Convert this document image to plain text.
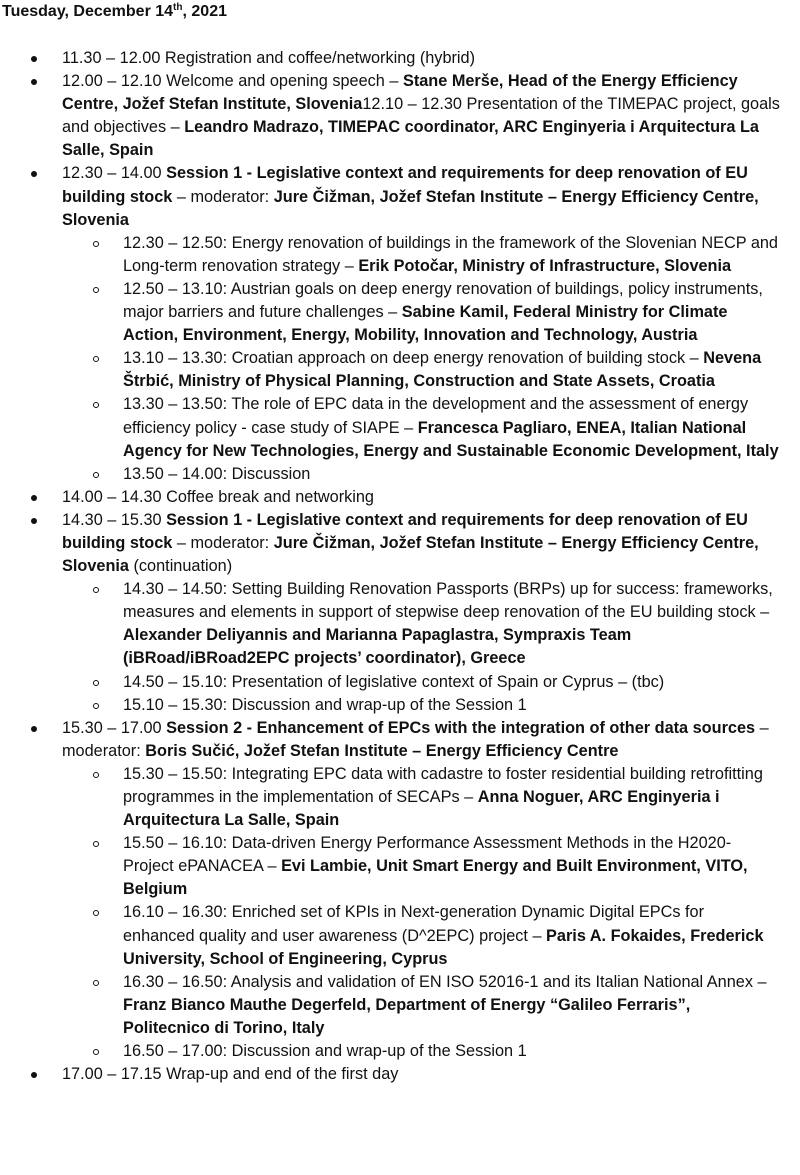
Tuesday, December 14th, 2021
11.30 – 12.00 Registration and coffee/networking (hybrid)
12.00 – 12.10 Welcome and opening speech – Stane Merše, Head of the Energy Efficiency Centre, Jožef Stefan Institute, Slovenia12.10 – 12.30 Presentation of the TIMEPAC project, goals and objectives – Leandro Madrazo, TIMEPAC coordinator, ARC Enginyeria i Arquitectura La Salle, Spain
12.30 – 14.00 Session 1 - Legislative context and requirements for deep renovation of EU building stock – moderator: Jure Čižman, Jožef Stefan Institute – Energy Efficiency Centre, Slovenia
12.30 – 12.50: Energy renovation of buildings in the framework of the Slovenian NECP and Long-term renovation strategy – Erik Potočar, Ministry of Infrastructure, Slovenia
12.50 – 13.10: Austrian goals on deep energy renovation of buildings, policy instruments, major barriers and future challenges – Sabine Kamil, Federal Ministry for Climate Action, Environment, Energy, Mobility, Innovation and Technology, Austria
13.10 – 13.30: Croatian approach on deep energy renovation of building stock – Nevena Štrbić, Ministry of Physical Planning, Construction and State Assets, Croatia
13.30 – 13.50: The role of EPC data in the development and the assessment of energy efficiency policy - case study of SIAPE – Francesca Pagliaro, ENEA, Italian National Agency for New Technologies, Energy and Sustainable Economic Development, Italy
13.50 – 14.00: Discussion
14.00 – 14.30 Coffee break and networking
14.30 – 15.30 Session 1 - Legislative context and requirements for deep renovation of EU building stock – moderator: Jure Čižman, Jožef Stefan Institute – Energy Efficiency Centre, Slovenia (continuation)
14.30 – 14.50: Setting Building Renovation Passports (BRPs) up for success: frameworks, measures and elements in support of stepwise deep renovation of the EU building stock – Alexander Deliyannis and Marianna Papaglastra, Sympraxis Team (iBRoad/iBRoad2EPC projects’ coordinator), Greece
14.50 – 15.10: Presentation of legislative context of Spain or Cyprus – (tbc)
15.10 – 15.30: Discussion and wrap-up of the Session 1
15.30 – 17.00 Session 2 - Enhancement of EPCs with the integration of other data sources – moderator: Boris Sučić, Jožef Stefan Institute – Energy Efficiency Centre
15.30 – 15.50: Integrating EPC data with cadastre to foster residential building retrofitting programmes in the implementation of SECAPs – Anna Noguer, ARC Enginyeria i Arquitectura La Salle, Spain
15.50 – 16.10: Data-driven Energy Performance Assessment Methods in the H2020-Project ePANACEA – Evi Lambie, Unit Smart Energy and Built Environment, VITO, Belgium
16.10 – 16.30: Enriched set of KPIs in Next-generation Dynamic Digital EPCs for enhanced quality and user awareness (D^2EPC) project – Paris A. Fokaides, Frederick University, School of Engineering, Cyprus
16.30 – 16.50: Analysis and validation of EN ISO 52016-1 and its Italian National Annex – Franz Bianco Mauthe Degerfeld, Department of Energy “Galileo Ferraris”, Politecnico di Torino, Italy
16.50 – 17.00: Discussion and wrap-up of the Session 1
17.00 – 17.15 Wrap-up and end of the first day
